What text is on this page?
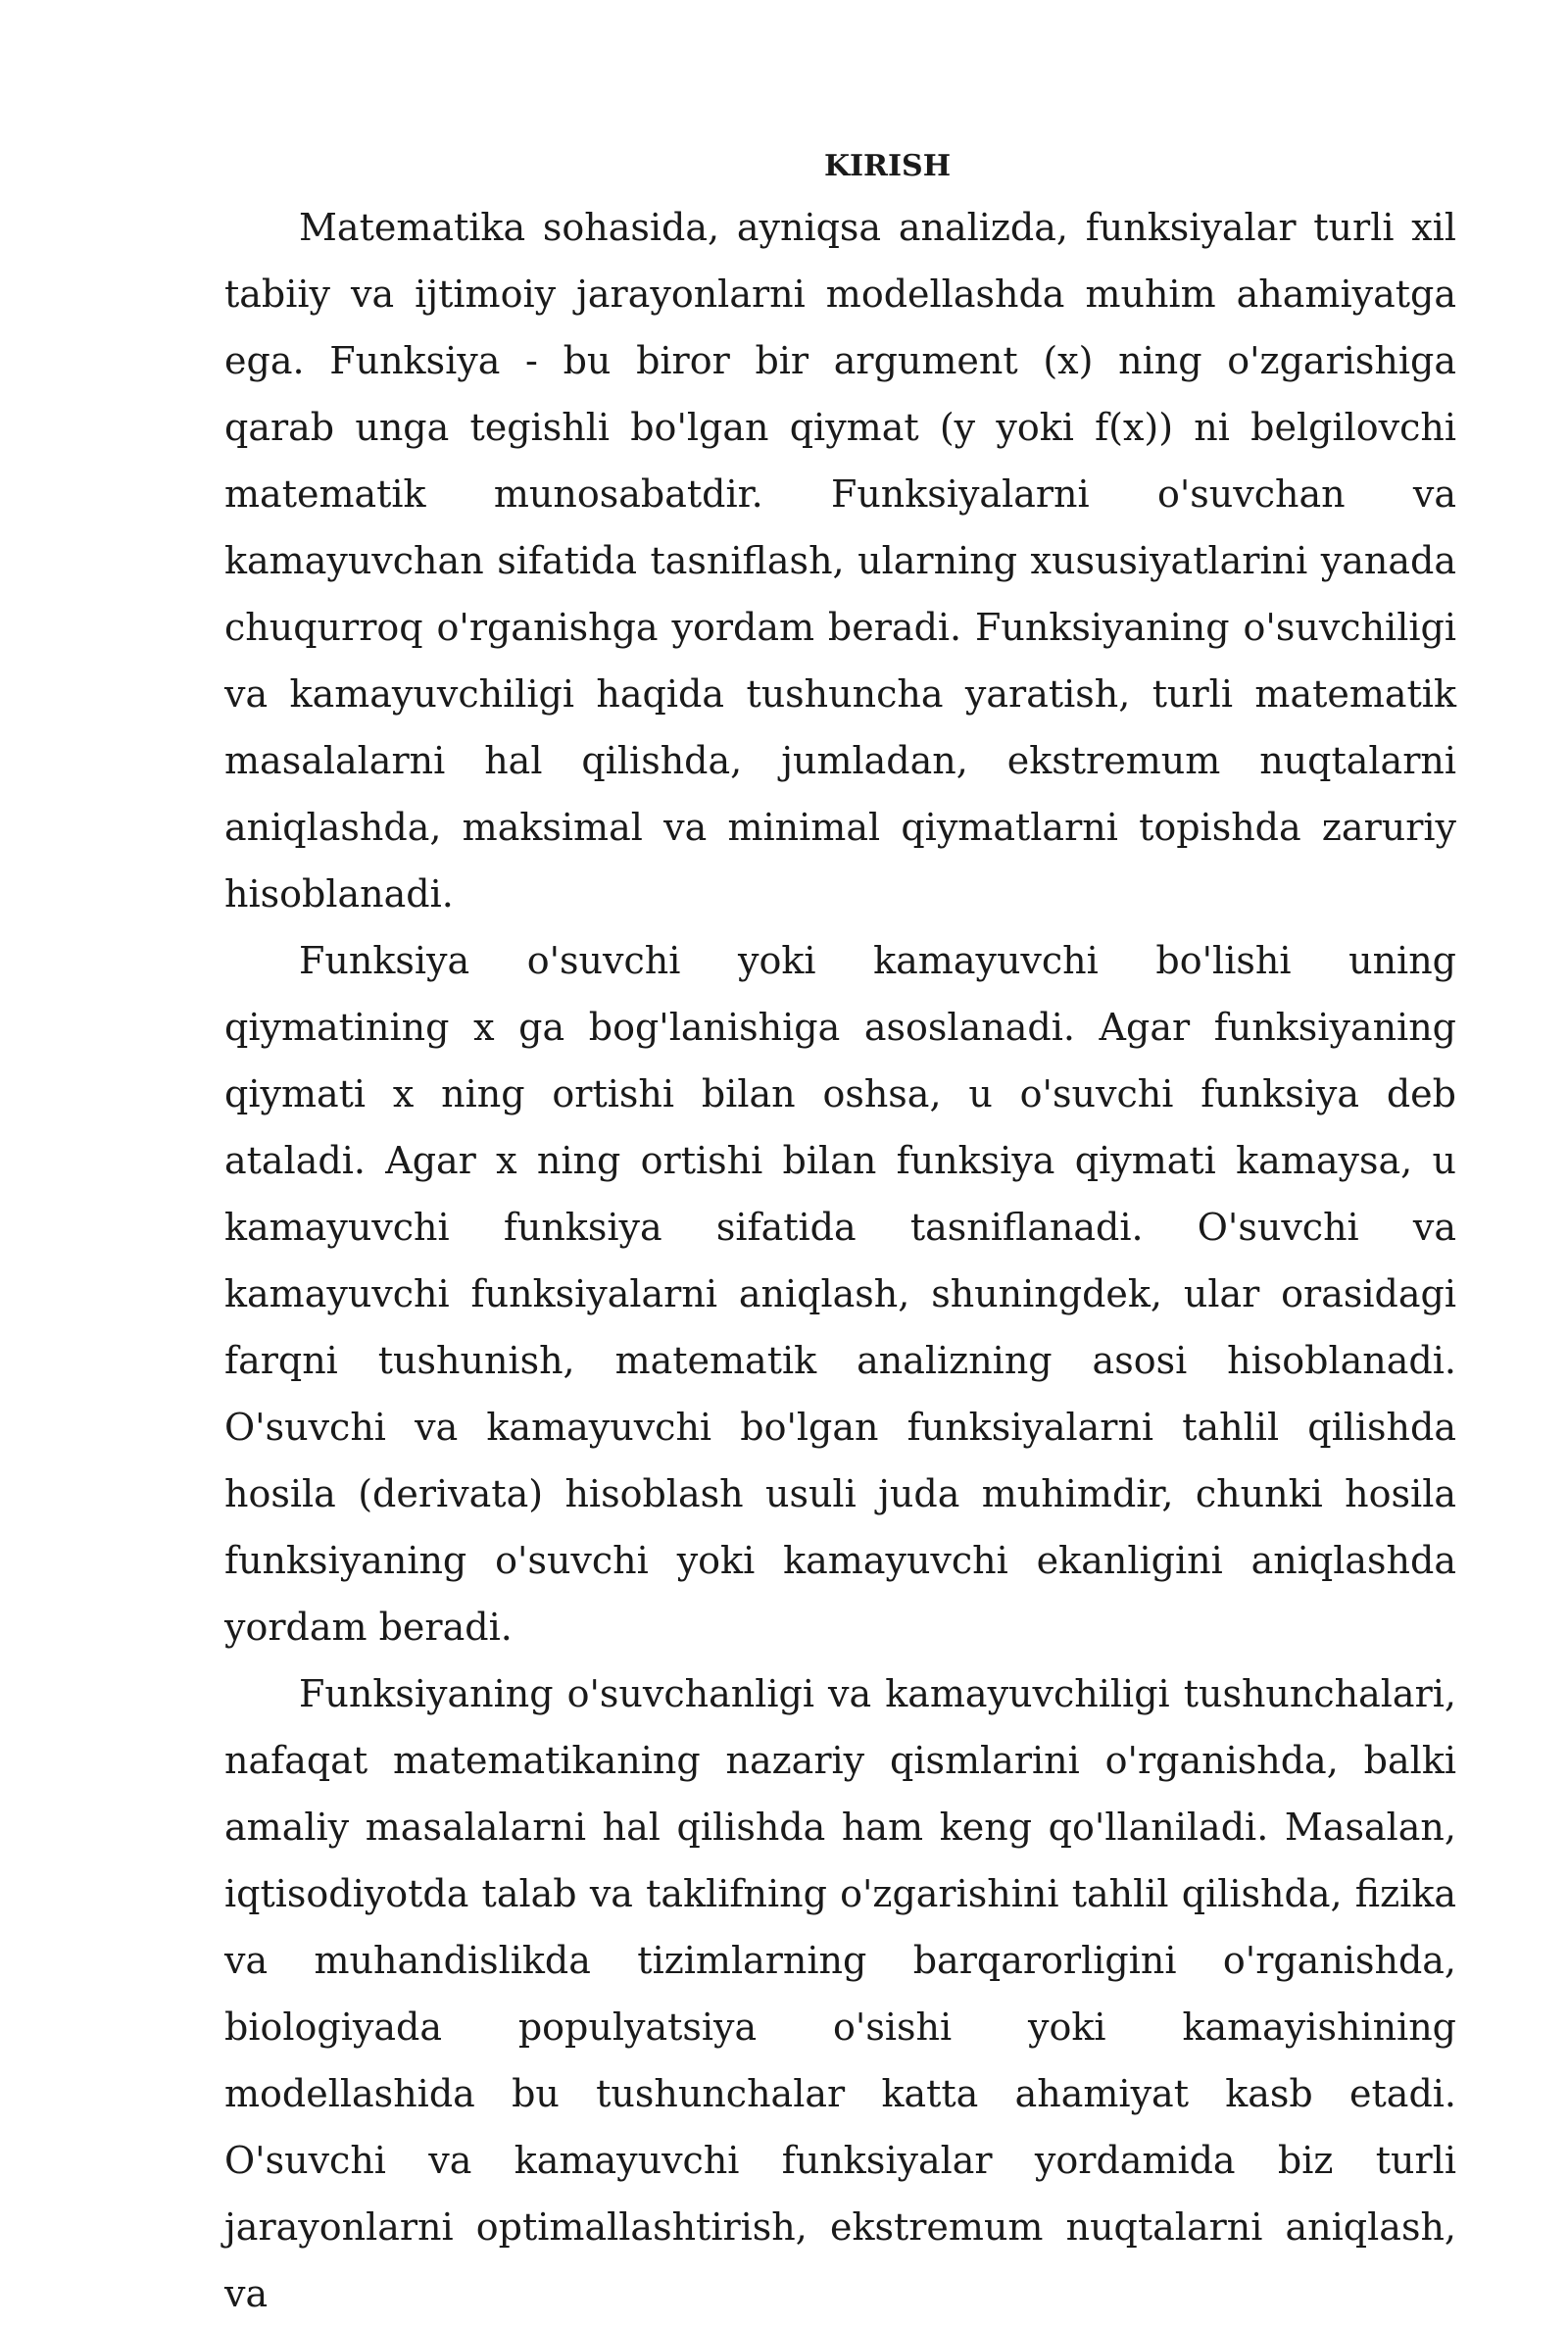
KIRISH

Matematika sohasida, ayniqsa analizda, funksiyalar turli xil tabiiy va ijtimoiy jarayonlarni modellashda muhim ahamiyatga ega. Funksiya - bu biror bir argument (x) ning o'zgarishiga qarab unga tegishli bo'lgan qiymat (y yoki f(x)) ni belgilovchi matematik munosabatdir. Funksiyalarni o'suvchan va kamayuvchan sifatida tasniflash, ularning xususiyatlarini yanada chuqurroq o'rganishga yordam beradi. Funksiyaning o'suvchiligi va kamayuvchiligi haqida tushuncha yaratish, turli matematik masalalarni hal qilishda, jumladan, ekstremum nuqtalarni aniqlashda, maksimal va minimal qiymatlarni topishda zaruriy hisoblanadi.

Funksiya o'suvchi yoki kamayuvchi bo'lishi uning qiymatining x ga bog'lanishiga asoslanadi. Agar funksiyaning qiymati x ning ortishi bilan oshsa, u o'suvchi funksiya deb ataladi. Agar x ning ortishi bilan funksiya qiymati kamaysa, u kamayuvchi funksiya sifatida tasniflanadi. O'suvchi va kamayuvchi funksiyalarni aniqlash, shuningdek, ular orasidagi farqni tushunish, matematik analizning asosi hisoblanadi. O'suvchi va kamayuvchi bo'lgan funksiyalarni tahlil qilishda hosila (derivata) hisoblash usuli juda muhimdir, chunki hosila funksiyaning o'suvchi yoki kamayuvchi ekanligini aniqlashda yordam beradi.

Funksiyaning o'suvchanligi va kamayuvchiligi tushunchalari, nafaqat matematikaning nazariy qismlarini o'rganishda, balki amaliy masalalarni hal qilishda ham keng qo'llaniladi. Masalan, iqtisodiyotda talab va taklifning o'zgarishini tahlil qilishda, fizika va muhandislikda tizimlarning barqarorligini o'rganishda, biologiyada populyatsiya o'sishi yoki kamayishining modellashida bu tushunchalar katta ahamiyat kasb etadi. O'suvchi va kamayuvchi funksiyalar yordamida biz turli jarayonlarni optimallashtirish, ekstremum nuqtalarni aniqlash, va
